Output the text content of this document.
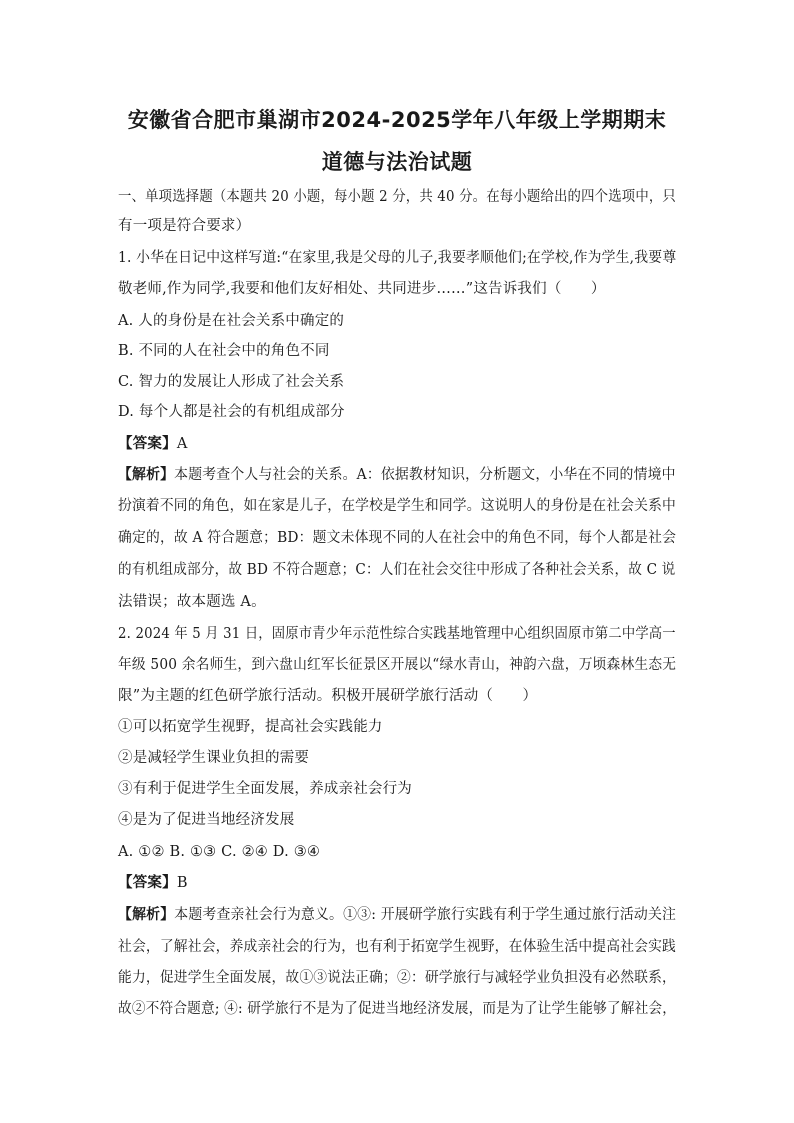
安徽省合肥市巢湖市2024-2025学年八年级上学期期末
道德与法治试题
一、单项选择题（本题共 20 小题，每小题 2 分，共 40 分。在每小题给出的四个选项中，只
有一项是符合要求）
1. 小华在日记中这样写道:“在家里,我是父母的儿子,我要孝顺他们;在学校,作为学生,我要尊
敬老师,作为同学,我要和他们友好相处、共同进步……”这告诉我们（　　）
A. 人的身份是在社会关系中确定的
B. 不同的人在社会中的角色不同
C. 智力的发展让人形成了社会关系
D. 每个人都是社会的有机组成部分
【答案】A
【解析】本题考查个人与社会的关系。A：依据教材知识，分析题文，小华在不同的情境中
扮演着不同的角色，如在家是儿子，在学校是学生和同学。这说明人的身份是在社会关系中
确定的，故 A 符合题意；BD：题文未体现不同的人在社会中的角色不同，每个人都是社会
的有机组成部分，故 BD 不符合题意；C：人们在社会交往中形成了各种社会关系，故 C 说
法错误；故本题选 A。
2. 2024 年 5 月 31 日，固原市青少年示范性综合实践基地管理中心组织固原市第二中学高一
年级 500 余名师生，到六盘山红军长征景区开展以“绿水青山，神韵六盘，万顷森林生态无
限”为主题的红色研学旅行活动。积极开展研学旅行活动（　　）
①可以拓宽学生视野，提高社会实践能力
②是减轻学生课业负担的需要
③有利于促进学生全面发展，养成亲社会行为
④是为了促进当地经济发展
A. ①② B. ①③ C. ②④ D. ③④
【答案】B
【解析】本题考查亲社会行为意义。①③: 开展研学旅行实践有利于学生通过旅行活动关注
社会，了解社会，养成亲社会的行为，也有利于拓宽学生视野，在体验生活中提高社会实践
能力，促进学生全面发展，故①③说法正确；②：研学旅行与减轻学业负担没有必然联系，
故②不符合题意; ④: 研学旅行不是为了促进当地经济发展，而是为了让学生能够了解社会，
